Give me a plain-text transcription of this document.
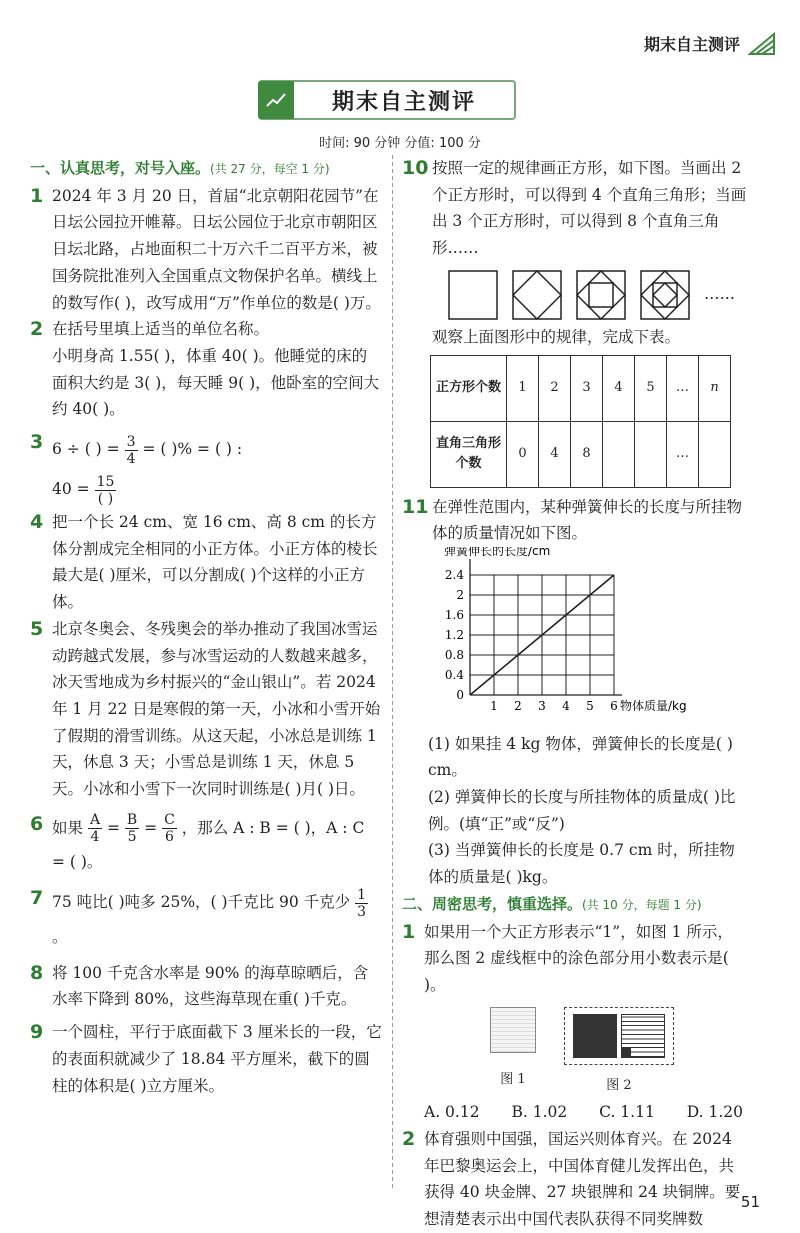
期末自主测评
期末自主测评
时间: 90 分钟 分值: 100 分
一、认真思考，对号入座。(共 27 分，每空 1 分)
1 2024 年 3 月 20 日，首届“北京朝阳花园节”在日坛公园拉开帷幕。日坛公园位于北京市朝阳区日坛北路，占地面积二十万六千二百平方米，被国务院批准列入全国重点文物保护名单。横线上的数写作( )，改写成用“万”作单位的数是( )万。
2 在括号里填上适当的单位名称。
小明身高 1.55( )，体重 40( )。他睡觉的床的面积大约是 3( )，每天睡 9( )，他卧室的空间大约 40( )。
3 6 ÷ ( ) = $\frac{3}{4}$ = ( )% = ( ) :
$40 = \frac{15}{( )}$
4 把一个长 24 cm、宽 16 cm、高 8 cm 的长方体分割成完全相同的小正方体。小正方体的棱长最大是( )厘米，可以分割成( )个这样的小正方体。
5 北京冬奥会、冬残奥会的举办推动了我国冰雪运动跨越式发展，参与冰雪运动的人数越来越多，冰天雪地成为乡村振兴的“金山银山”。若 2024 年 1 月 22 日是寒假的第一天，小冰和小雪开始了假期的滑雪训练。从这天起，小冰总是训练 1 天，休息 3 天；小雪总是训练 1 天，休息 5 天。小冰和小雪下一次同时训练是( )月( )日。
6 如果 $\frac{A}{4} = \frac{B}{5} = \frac{C}{6}$ ，那么 A : B = ( )，A : C = ( )。
7 75 吨比( )吨多 25%，( )千克比 90 千克少 $\frac{1}{3}$
。
8 将 100 千克含水率是 90% 的海草晾晒后，含水率下降到 80%，这些海草现在重( )千克。
9 一个圆柱，平行于底面截下 3 厘米长的一段，它的表面积就减少了 18.84 平方厘米，截下的圆柱的体积是( )立方厘米。
10 按照一定的规律画正方形，如下图。当画出 2 个正方形时，可以得到 4 个直角三角形；当画出 3 个正方形时，可以得到 8 个直角三角形……
……
观察上面图形中的规律，完成下表。
正方形个数	1	2	3	4	5	…	n
直角三角形个数	0	4	8			…	
11 在弹性范围内，某种弹簧伸长的长度与所挂物体的质量情况如下图。
0
0.4
0.8
1.2
1.6
2
2.4
1 2 3 4 5 6
弹簧伸长的长度/cm
物体质量/kg
(1) 如果挂 4 kg 物体，弹簧伸长的长度是( ) cm。
(2) 弹簧伸长的长度与所挂物体的质量成( )比例。(填“正”或“反”)
(3) 当弹簧伸长的长度是 0.7 cm 时，所挂物体的质量是( )kg。
二、周密思考，慎重选择。(共 10 分，每题 1 分)
1 如果用一个大正方形表示“1”，如图 1 所示，那么图 2 虚线框中的涂色部分用小数表示是( )。
图 1	图 2
A. 0.12 B. 1.02 C. 1.11 D. 1.20
2 体育强则中国强，国运兴则体育兴。在 2024 年巴黎奥运会上，中国体育健儿发挥出色，共获得 40 块金牌、27 块银牌和 24 块铜牌。要想清楚表示出中国代表队获得不同奖牌数
51
